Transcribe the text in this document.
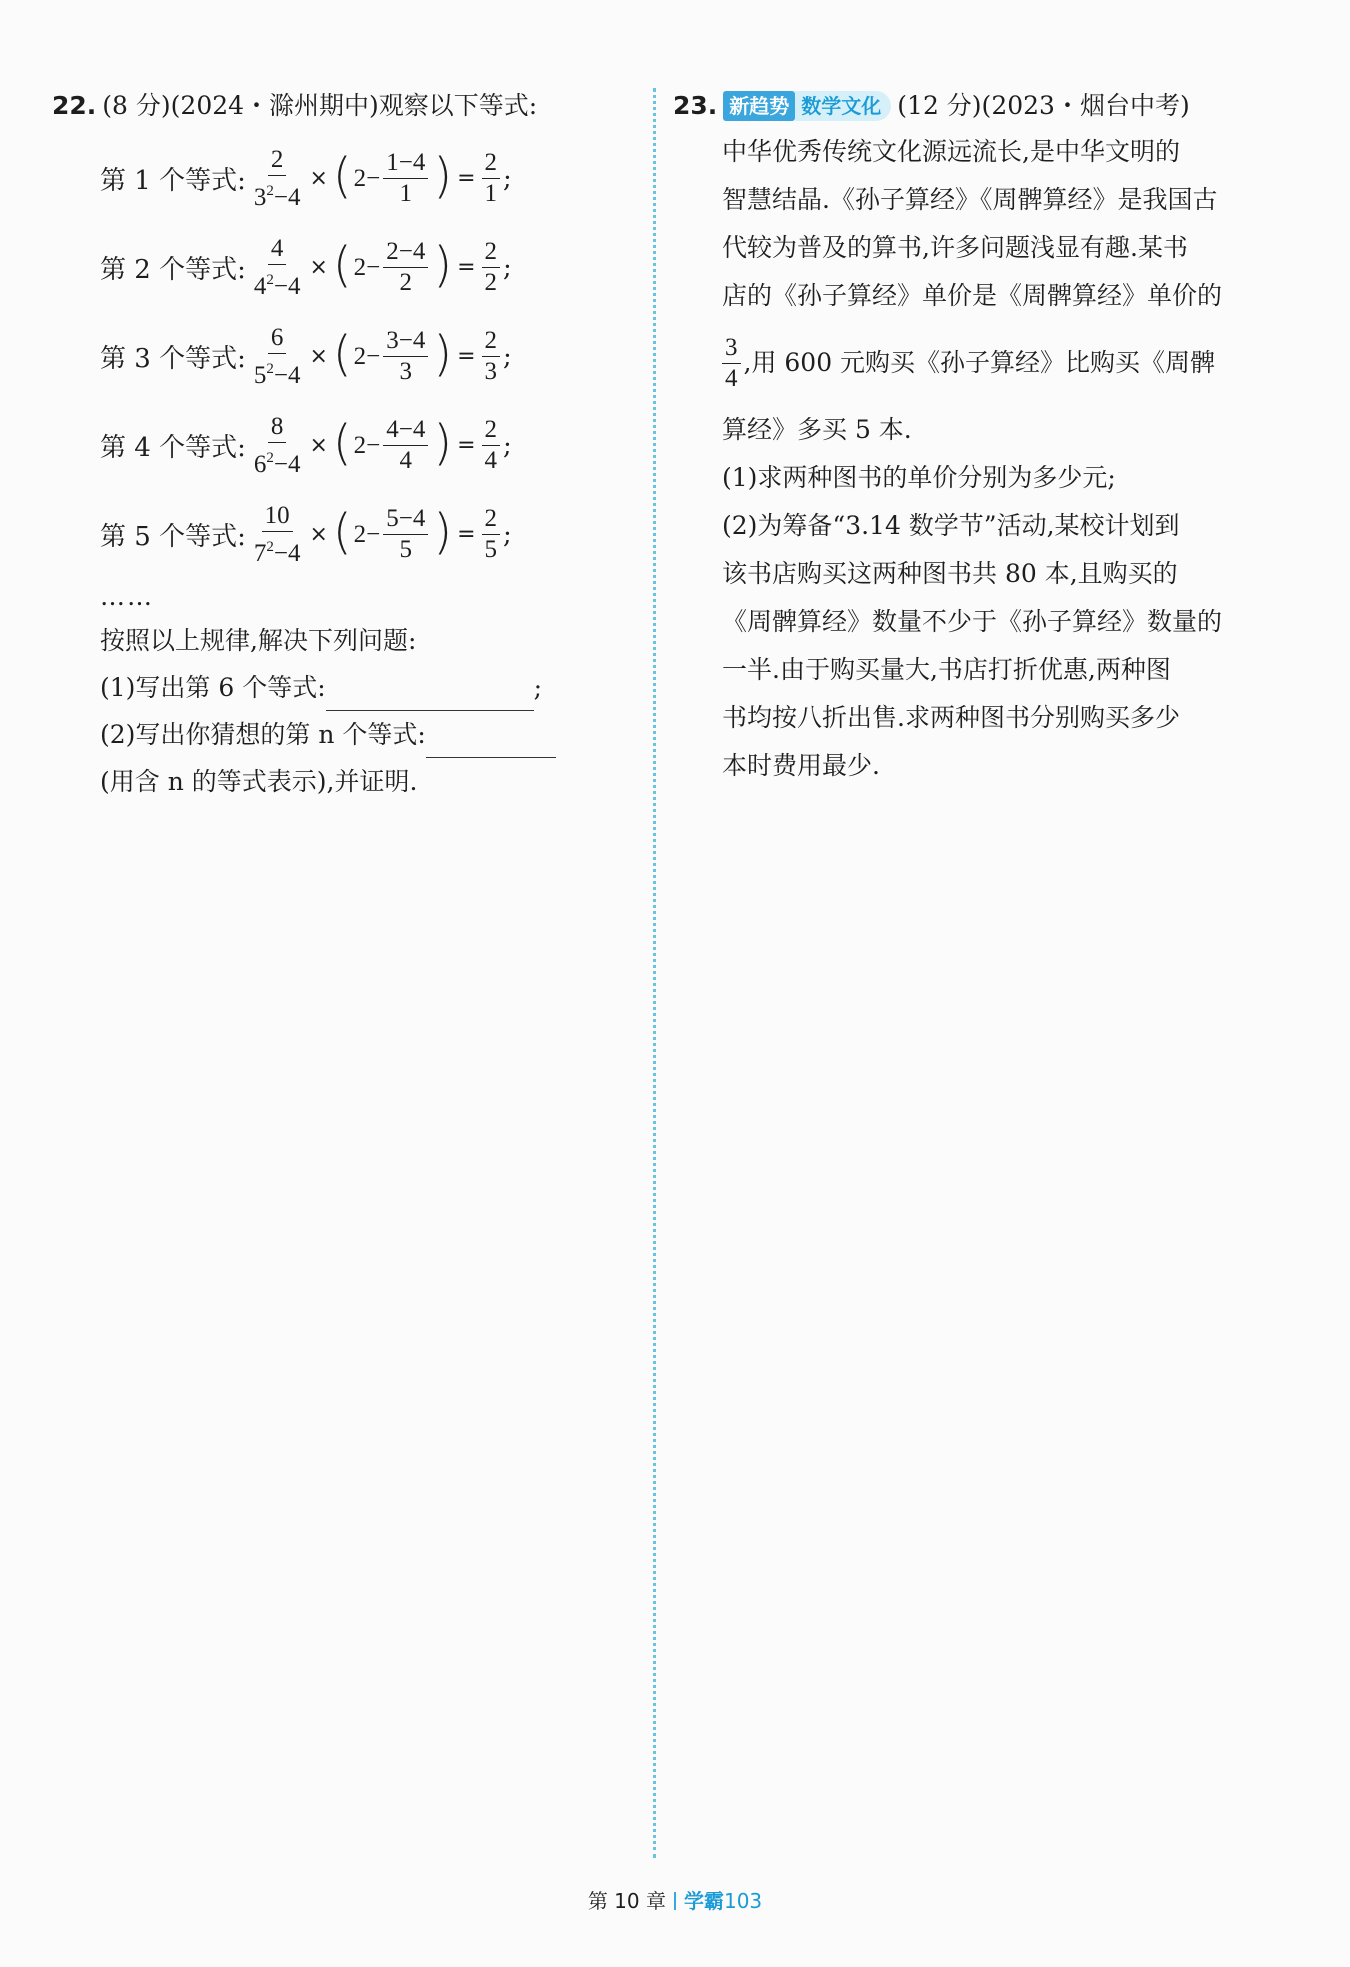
22. (8 分)(2024・滁州期中)观察以下等式:
第 1 个等式: $\frac{2}{3^2-4}$ × ( $2- \frac{1-4}{1}$ ) = $\frac{2}{1}$ ;
第 2 个等式: $\frac{4}{4^2-4}$ × ( $2- \frac{2-4}{2}$ ) = $\frac{2}{2}$ ;
第 3 个等式: $\frac{6}{5^2-4}$ × ( $2- \frac{3-4}{3}$ ) = $\frac{2}{3}$ ;
第 4 个等式: $\frac{8}{6^2-4}$ × ( $2- \frac{4-4}{4}$ ) = $\frac{2}{4}$ ;
第 5 个等式: $\frac{10}{7^2-4}$ × ( $2- \frac{5-4}{5}$ ) = $\frac{2}{5}$ ;
……
按照以上规律,解决下列问题:
(1)写出第 6 个等式:	;
(2)写出你猜想的第 n 个等式:
(用含 n 的等式表示),并证明.
23. 新趋势 数学文化 (12 分)(2023・烟台中考)
中华优秀传统文化源远流长,是中华文明的
智慧结晶.《孙子算经》《周髀算经》是我国古
代较为普及的算书,许多问题浅显有趣.某书
店的《孙子算经》单价是《周髀算经》单价的
$\frac{3}{4}$ ,用 600 元购买《孙子算经》比购买《周髀
算经》多买 5 本.
(1)求两种图书的单价分别为多少元;
(2)为筹备“3.14 数学节”活动,某校计划到
该书店购买这两种图书共 80 本,且购买的
《周髀算经》数量不少于《孙子算经》数量的
一半.由于购买量大,书店打折优惠,两种图
书均按八折出售.求两种图书分别购买多少
本时费用最少.
第 10 章 学霸103
